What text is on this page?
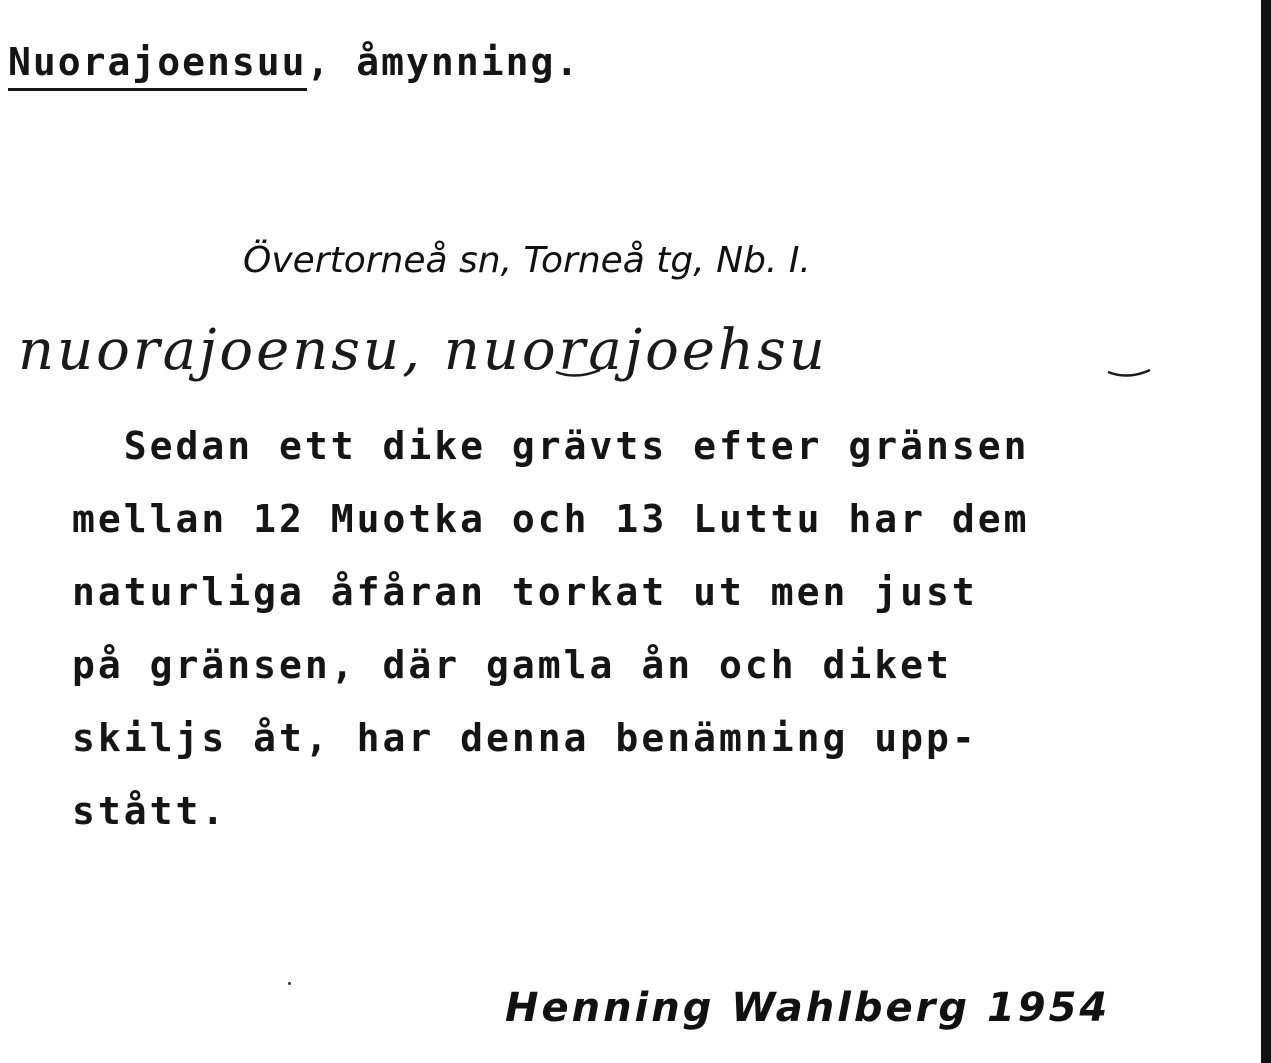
Nuorajoensuu, åmynning.
Övertorneå sn, Torneå tg, Nb. I.
nuorajoensu, nuorajoehsu
Sedan ett dike grävts efter gränsen
mellan 12 Muotka och 13 Luttu har dem
naturliga åfåran torkat ut men just
på gränsen, där gamla ån och diket
skiljs åt, har denna benämning upp-
stått.
Henning Wahlberg 1954
